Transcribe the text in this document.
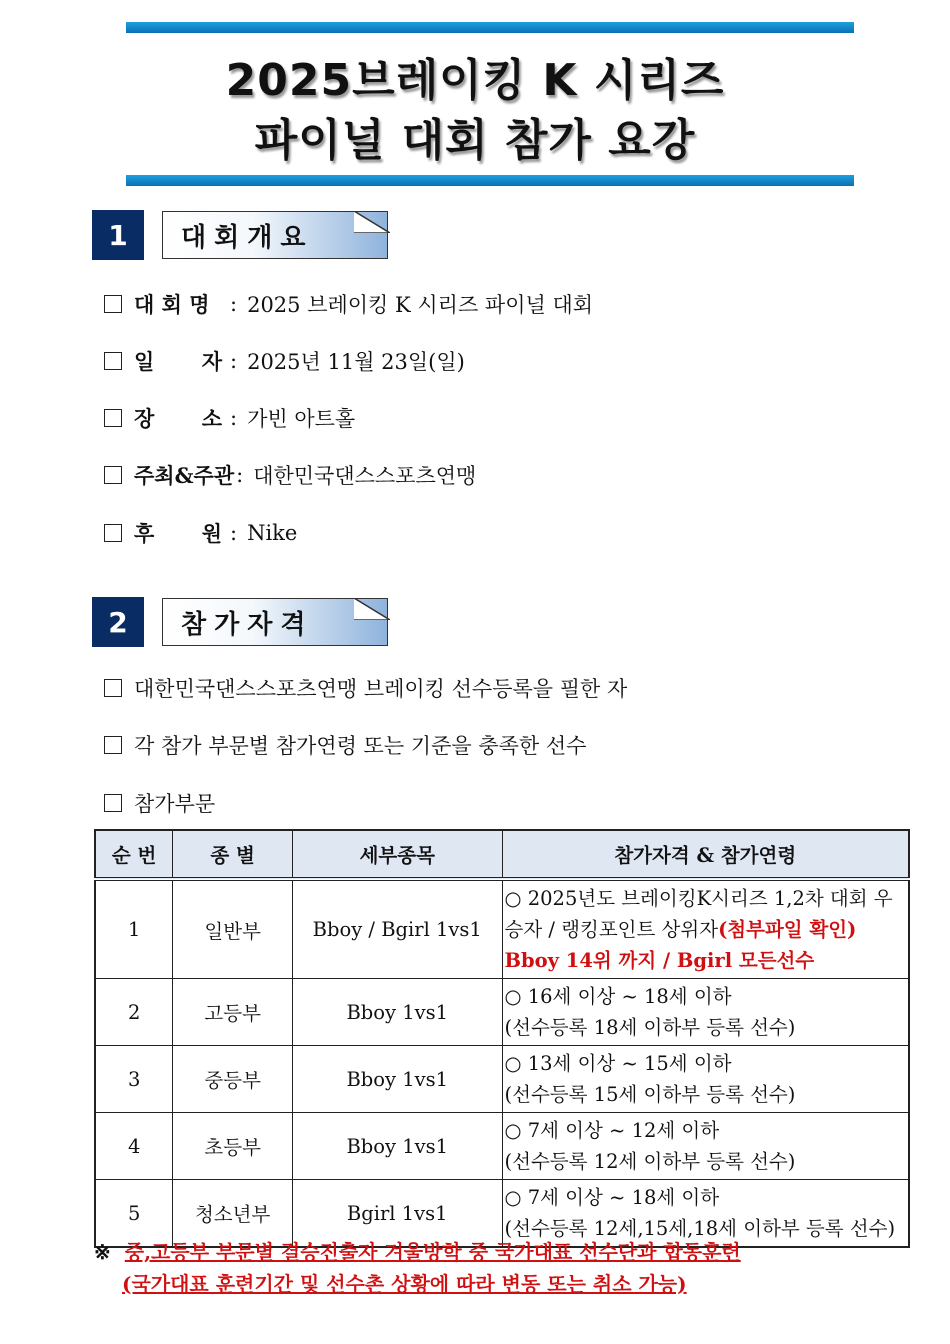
2025브레이킹 K 시리즈
파이널 대회 참가 요강
1	대회개요
대 회 명 : 2025 브레이킹 K 시리즈 파이널 대회
일 자 : 2025년 11월 23일(일)
장 소 : 가빈 아트홀
주최&주관 : 대한민국댄스스포츠연맹
후 원 : Nike
2	참가자격
대한민국댄스스포츠연맹 브레이킹 선수등록을 필한 자
각 참가 부문별 참가연령 또는 기준을 충족한 선수
참가부문
순 번	종 별	세부종목	참가자격 & 참가연령
1	일반부	Bboy / Bgirl 1vs1	○ 2025년도 브레이킹K시리즈 1,2차 대회 우승자 / 랭킹포인트 상위자(첨부파일 확인)
Bboy 14위 까지 / Bgirl 모든선수
2	고등부	Bboy 1vs1	○ 16세 이상 ~ 18세 이하
(선수등록 18세 이하부 등록 선수)
3	중등부	Bboy 1vs1	○ 13세 이상 ~ 15세 이하
(선수등록 15세 이하부 등록 선수)
4	초등부	Bboy 1vs1	○ 7세 이상 ~ 12세 이하
(선수등록 12세 이하부 등록 선수)
5	청소년부	Bgirl 1vs1	○ 7세 이상 ~ 18세 이하
(선수등록 12세,15세,18세 이하부 등록 선수)
※ 중,고등부 부문별 결승진출자 겨울방학 중 국가대표 선수단과 합동훈련
(국가대표 훈련기간 및 선수촌 상황에 따라 변동 또는 취소 가능)
